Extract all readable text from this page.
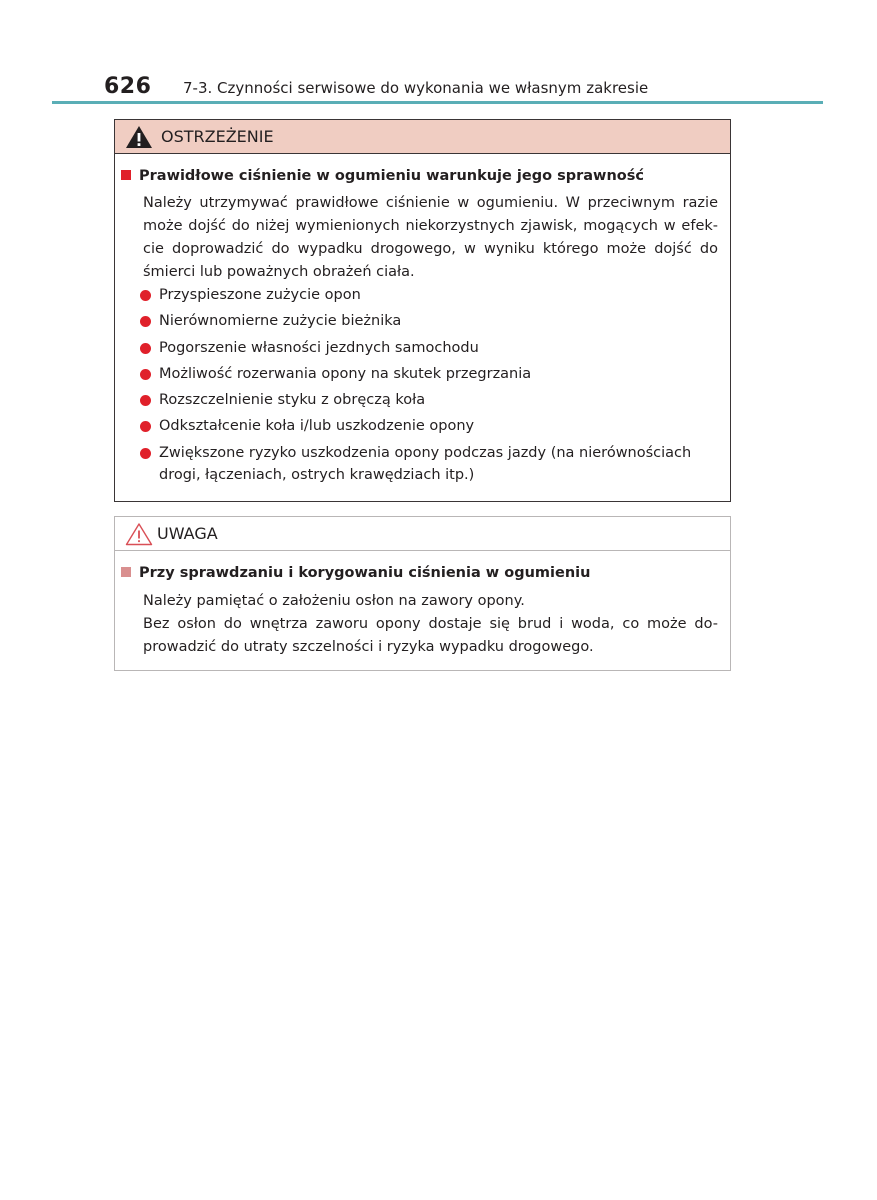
626 7-3. Czynności serwisowe do wykonania we własnym zakresie
OSTRZEŻENIE
Prawidłowe ciśnienie w ogumieniu warunkuje jego sprawność
Należy utrzymywać prawidłowe ciśnienie w ogumieniu. W przeciwnym razie
może dojść do niżej wymienionych niekorzystnych zjawisk, mogących w efek-
cie doprowadzić do wypadku drogowego, w wyniku którego może dojść do
śmierci lub poważnych obrażeń ciała.
Przyspieszone zużycie opon
Nierównomierne zużycie bieżnika
Pogorszenie własności jezdnych samochodu
Możliwość rozerwania opony na skutek przegrzania
Rozszczelnienie styku z obręczą koła
Odkształcenie koła i/lub uszkodzenie opony
Zwiększone ryzyko uszkodzenia opony podczas jazdy (na nierównościach drogi, łączeniach, ostrych krawędziach itp.)
UWAGA
Przy sprawdzaniu i korygowaniu ciśnienia w ogumieniu
Należy pamiętać o założeniu osłon na zawory opony.
Bez osłon do wnętrza zaworu opony dostaje się brud i woda, co może do-
prowadzić do utraty szczelności i ryzyka wypadku drogowego.
